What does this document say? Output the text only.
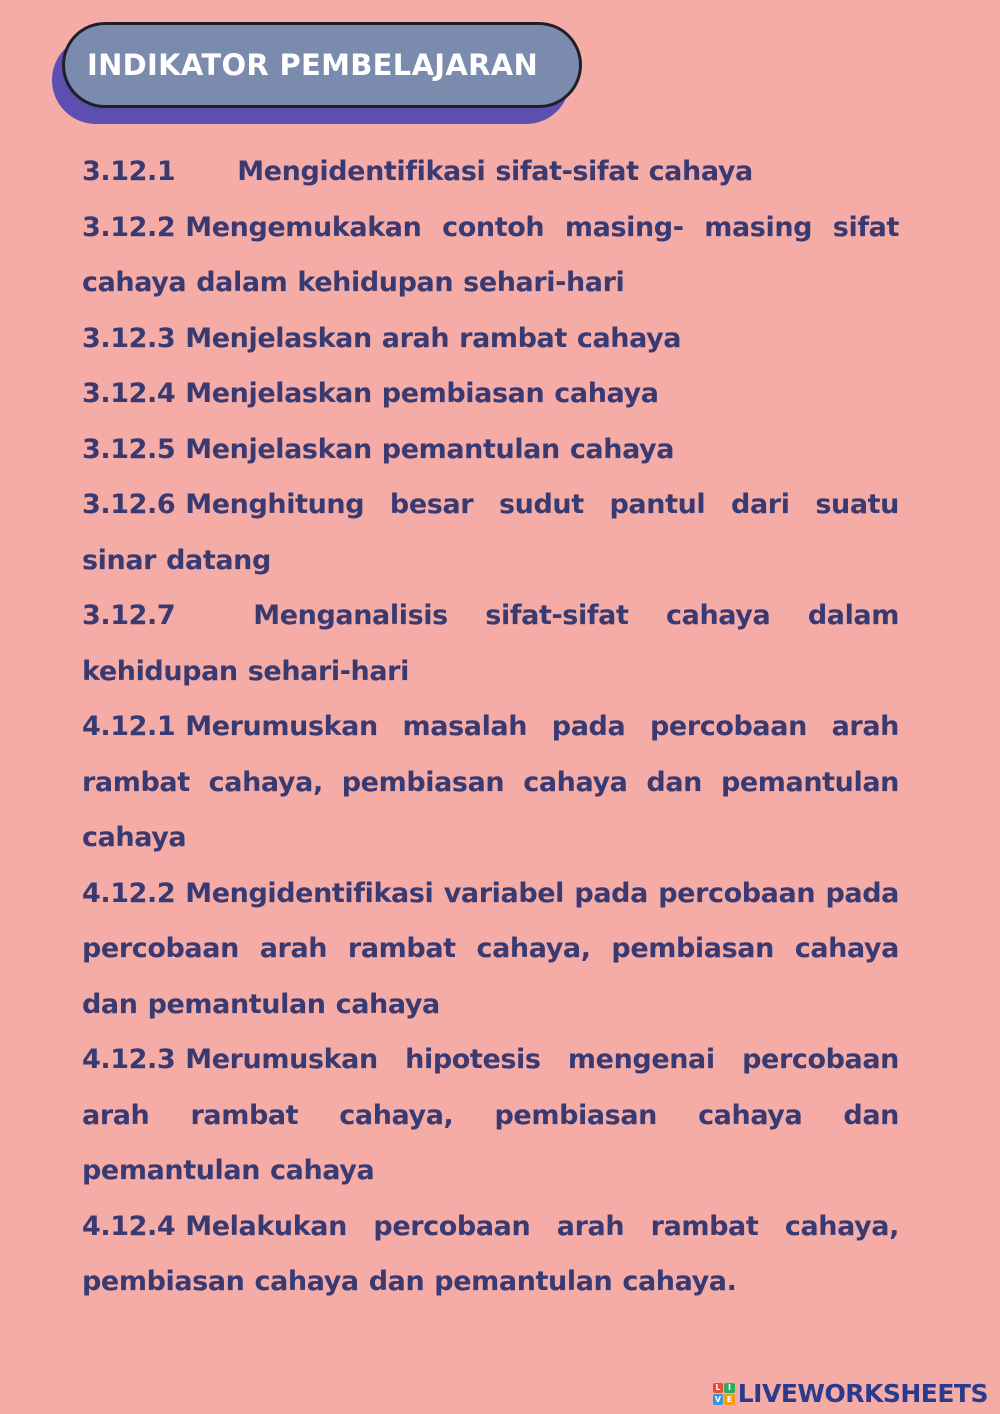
INDIKATOR PEMBELAJARAN
3.12.1 Mengidentifikasi sifat-sifat cahaya
3.12.2 Mengemukakan contoh masing- masing sifat cahaya dalam kehidupan sehari-hari
3.12.3 Menjelaskan arah rambat cahaya
3.12.4 Menjelaskan pembiasan cahaya
3.12.5 Menjelaskan pemantulan cahaya
3.12.6 Menghitung besar sudut pantul dari suatu sinar datang
3.12.7	Menganalisis sifat-sifat cahaya dalam kehidupan sehari-hari
4.12.1 Merumuskan masalah pada percobaan arah rambat cahaya, pembiasan cahaya dan pemantulan cahaya
4.12.2 Mengidentifikasi variabel pada percobaan pada percobaan arah rambat cahaya, pembiasan cahaya dan pemantulan cahaya
4.12.3 Merumuskan hipotesis mengenai percobaan arah rambat cahaya, pembiasan cahaya dan pemantulan cahaya
4.12.4 Melakukan percobaan arah rambat cahaya, pembiasan cahaya dan pemantulan cahaya.
L I
V E LIVEWORKSHEETS
